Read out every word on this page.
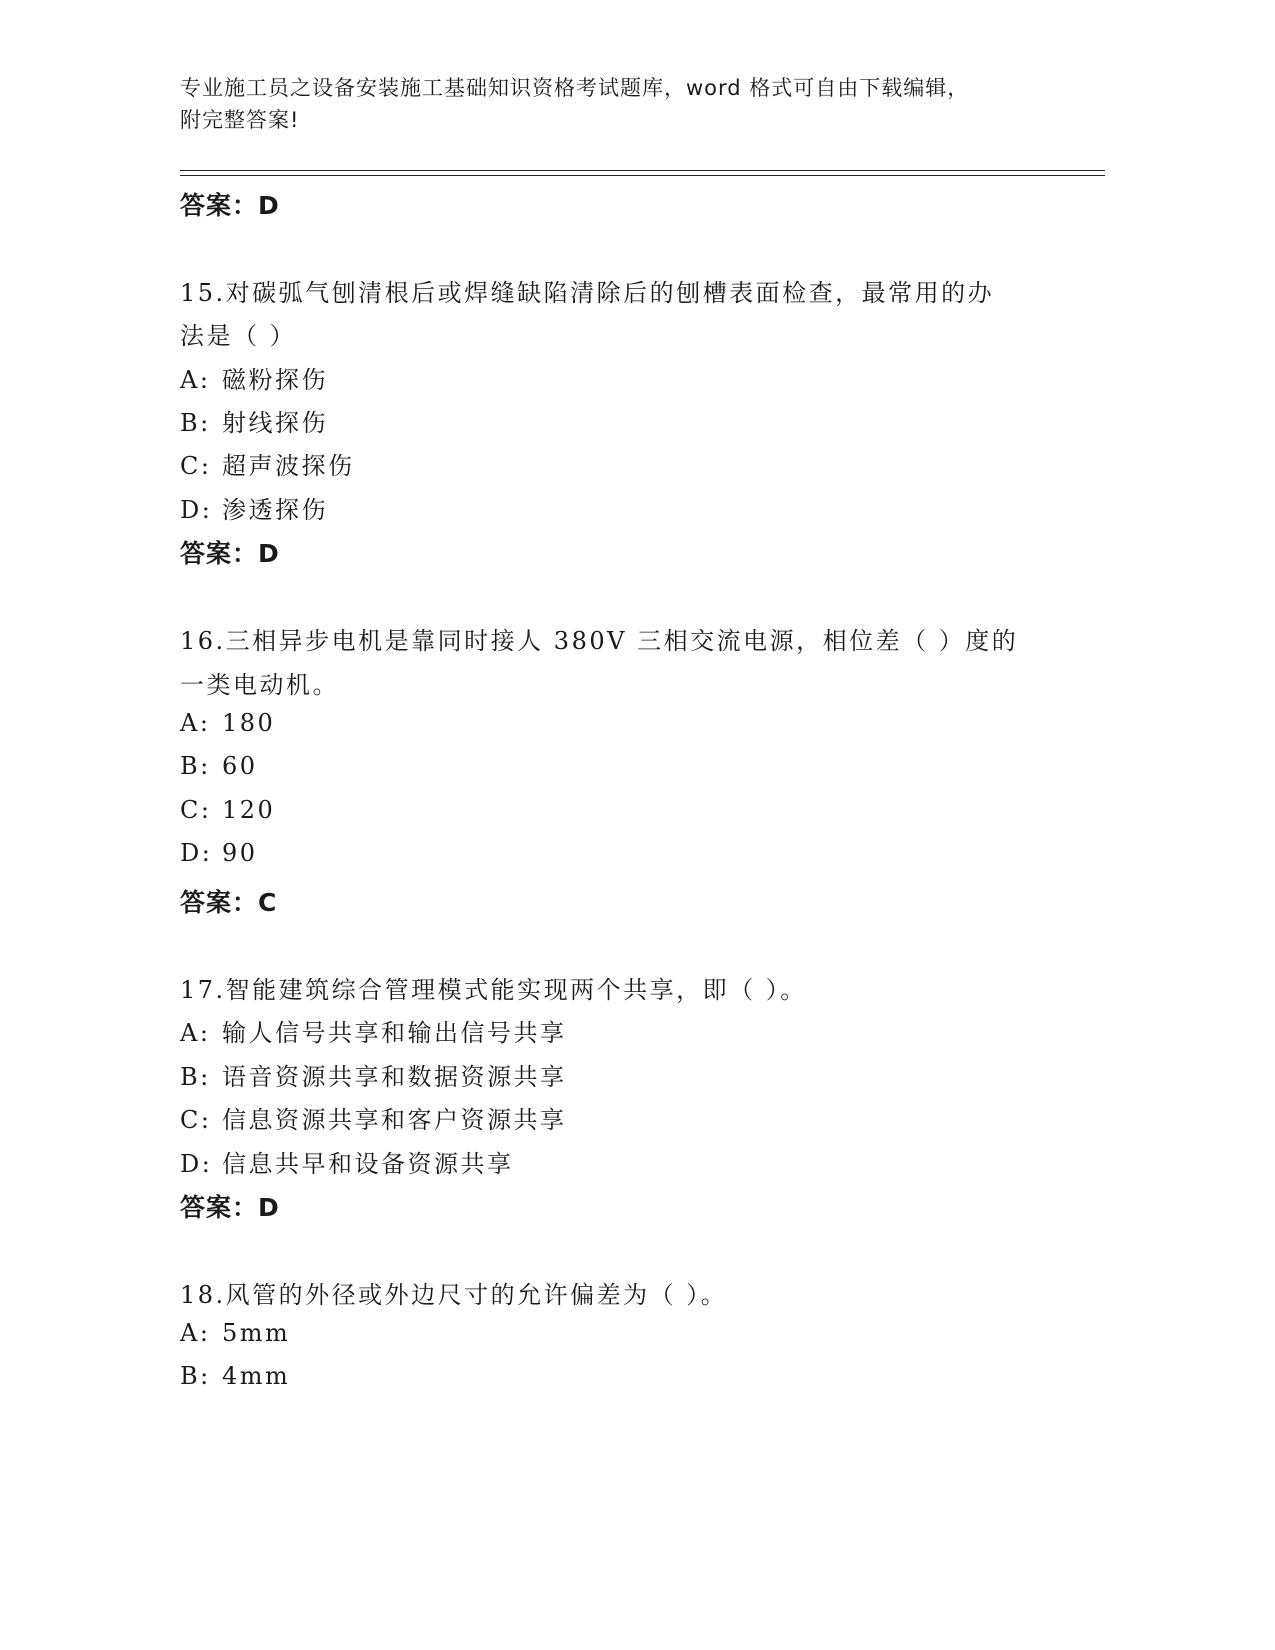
专业施工员之设备安装施工基础知识资格考试题库，word 格式可自由下载编辑，
附完整答案!
答案：D
15.对碳弧气刨清根后或焊缝缺陷清除后的刨槽表面检查，最常用的办
法是（ ）
A: 磁粉探伤
B: 射线探伤
C: 超声波探伤
D: 渗透探伤
答案：D
16.三相异步电机是靠同时接人 380V 三相交流电源，相位差（ ）度的
一类电动机。
A: 180
B: 60
C: 120
D: 90
答案：C
17.智能建筑综合管理模式能实现两个共享，即（ ）。
A: 输人信号共享和输出信号共享
B: 语音资源共享和数据资源共享
C: 信息资源共享和客户资源共享
D: 信息共早和设备资源共享
答案：D
18.风管的外径或外边尺寸的允许偏差为（ ）。
A: 5mm
B: 4mm
